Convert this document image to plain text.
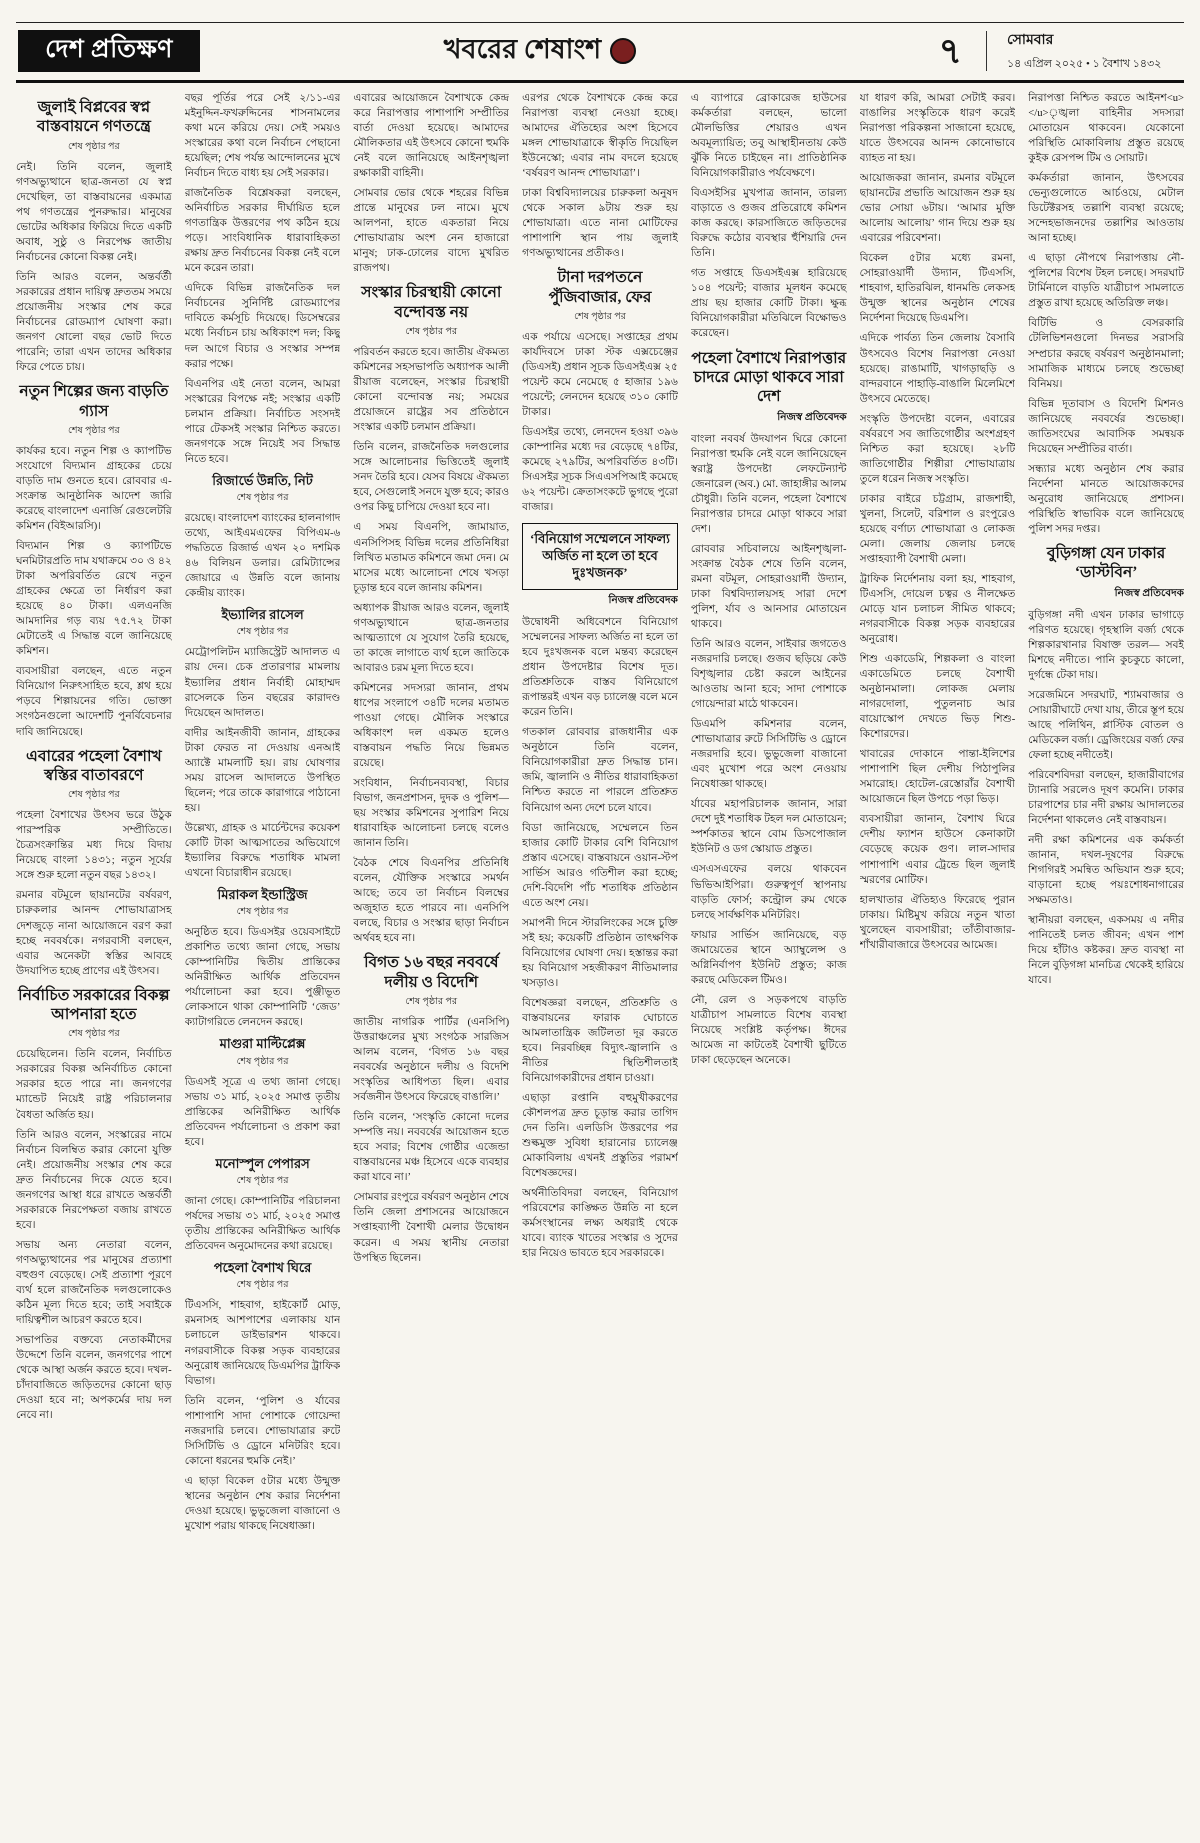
দেশ প্রতিক্ষণ	খবরের শেষাংশ	৭	সোমবার
১৪ এপ্রিল ২০২৫ • ১ বৈশাখ ১৪৩২
জুলাই বিপ্লবের স্বপ্ন বাস্তবায়নে গণতন্ত্রে
শেষ পৃষ্ঠার পর

নেই। তিনি বলেন, জুলাই গণঅভ্যুত্থানে ছাত্র-জনতা যে স্বপ্ন দেখেছিল, তা বাস্তবায়নের একমাত্র পথ গণতন্ত্রের পুনরুদ্ধার। মানুষের ভোটের অধিকার ফিরিয়ে দিতে একটি অবাধ, সুষ্ঠু ও নিরপেক্ষ জাতীয় নির্বাচনের কোনো বিকল্প নেই।

তিনি আরও বলেন, অন্তর্বর্তী সরকারের প্রধান দায়িত্ব দ্রুততম সময়ে প্রয়োজনীয় সংস্কার শেষ করে নির্বাচনের রোডম্যাপ ঘোষণা করা। জনগণ ষোলো বছর ভোট দিতে পারেনি; তারা এখন তাদের অধিকার ফিরে পেতে চায়।

নতুন শিল্পের জন্য বাড়তি গ্যাস
শেষ পৃষ্ঠার পর

কার্যকর হবে। নতুন শিল্প ও ক্যাপটিভ সংযোগে বিদ্যমান গ্রাহকের চেয়ে বাড়তি দাম গুনতে হবে। রোববার এ-সংক্রান্ত আনুষ্ঠানিক আদেশ জারি করেছে বাংলাদেশ এনার্জি রেগুলেটরি কমিশন (বিইআরসি)।

বিদ্যমান শিল্প ও ক্যাপটিভে ঘনমিটারপ্রতি দাম যথাক্রমে ৩০ ও ৪২ টাকা অপরিবর্তিত রেখে নতুন গ্রাহকের ক্ষেত্রে তা নির্ধারণ করা হয়েছে ৪০ টাকা। এলএনজি আমদানির গড় ব্যয় ৭৫.৭২ টাকা মেটাতেই এ সিদ্ধান্ত বলে জানিয়েছে কমিশন।

ব্যবসায়ীরা বলছেন, এতে নতুন বিনিয়োগ নিরুৎসাহিত হবে, শ্লথ হয়ে পড়বে শিল্পায়নের গতি। ভোক্তা সংগঠনগুলো আদেশটি পুনর্বিবেচনার দাবি জানিয়েছে।

এবারের পহেলা বৈশাখ স্বস্তির বাতাবরণে
শেষ পৃষ্ঠার পর

পহেলা বৈশাখের উৎসব ভরে উঠুক পারস্পরিক সম্প্রীতিতে। চৈত্রসংক্রান্তির মধ্য দিয়ে বিদায় নিয়েছে বাংলা ১৪৩১; নতুন সূর্যের সঙ্গে শুরু হলো নতুন বছর ১৪৩২।

রমনার বটমূলে ছায়ানটের বর্ষবরণ, চারুকলার আনন্দ শোভাযাত্রাসহ দেশজুড়ে নানা আয়োজনে বরণ করা হচ্ছে নববর্ষকে। নগরবাসী বলছেন, এবার অনেকটা স্বস্তির আবহে উদযাপিত হচ্ছে প্রাণের এই উৎসব।

নির্বাচিত সরকারের বিকল্প আপনারা হতে
শেষ পৃষ্ঠার পর

চেয়েছিলেন। তিনি বলেন, নির্বাচিত সরকারের বিকল্প অনির্বাচিত কোনো সরকার হতে পারে না। জনগণের ম্যান্ডেট নিয়েই রাষ্ট্র পরিচালনার বৈধতা অর্জিত হয়।

তিনি আরও বলেন, সংস্কারের নামে নির্বাচন বিলম্বিত করার কোনো যুক্তি নেই। প্রয়োজনীয় সংস্কার শেষ করে দ্রুত নির্বাচনের দিকে যেতে হবে। জনগণের আস্থা ধরে রাখতে অন্তর্বর্তী সরকারকে নিরপেক্ষতা বজায় রাখতে হবে।

সভায় অন্য নেতারা বলেন, গণঅভ্যুত্থানের পর মানুষের প্রত্যাশা বহুগুণ বেড়েছে। সেই প্রত্যাশা পূরণে ব্যর্থ হলে রাজনৈতিক দলগুলোকেও কঠিন মূল্য দিতে হবে; তাই সবাইকে দায়িত্বশীল আচরণ করতে হবে।

সভাপতির বক্তব্যে নেতাকর্মীদের উদ্দেশে তিনি বলেন, জনগণের পাশে থেকে আস্থা অর্জন করতে হবে। দখল-চাঁদাবাজিতে জড়িতদের কোনো ছাড় দেওয়া হবে না; অপকর্মের দায় দল নেবে না।

বছর পূর্তির পরে সেই ২/১১-এর মইনুদ্দিন-ফখরুদ্দিনের শাসনামলের কথা মনে করিয়ে দেয়। সেই সময়ও সংস্কারের কথা বলে নির্বাচন পেছানো হয়েছিল; শেষ পর্যন্ত আন্দোলনের মুখে নির্বাচন দিতে বাধ্য হয় সেই সরকার।

রাজনৈতিক বিশ্লেষকরা বলছেন, অনির্বাচিত সরকার দীর্ঘায়িত হলে গণতান্ত্রিক উত্তরণের পথ কঠিন হয়ে পড়ে। সাংবিধানিক ধারাবাহিকতা রক্ষায় দ্রুত নির্বাচনের বিকল্প নেই বলে মনে করেন তারা।

এদিকে বিভিন্ন রাজনৈতিক দল নির্বাচনের সুনির্দিষ্ট রোডম্যাপের দাবিতে কর্মসূচি দিয়েছে। ডিসেম্বরের মধ্যে নির্বাচন চায় অধিকাংশ দল; কিছু দল আগে বিচার ও সংস্কার সম্পন্ন করার পক্ষে।

বিএনপির এই নেতা বলেন, আমরা সংস্কারের বিপক্ষে নই; সংস্কার একটি চলমান প্রক্রিয়া। নির্বাচিত সংসদই পারে টেকসই সংস্কার নিশ্চিত করতে। জনগণকে সঙ্গে নিয়েই সব সিদ্ধান্ত নিতে হবে।

রিজার্ভে উন্নতি, নিট
শেষ পৃষ্ঠার পর

রয়েছে। বাংলাদেশ ব্যাংকের হালনাগাদ তথ্যে, আইএমএফের বিপিএম-৬ পদ্ধতিতে রিজার্ভ এখন ২০ দশমিক ৪৬ বিলিয়ন ডলার। রেমিট্যান্সের জোয়ারে এ উন্নতি বলে জানায় কেন্দ্রীয় ব্যাংক।

ইভ্যালির রাসেল
শেষ পৃষ্ঠার পর

মেট্রোপলিটন ম্যাজিস্ট্রেট আদালত এ রায় দেন। চেক প্রতারণার মামলায় ইভ্যালির প্রধান নির্বাহী মোহাম্মদ রাসেলকে তিন বছরের কারাদণ্ড দিয়েছেন আদালত।

বাদীর আইনজীবী জানান, গ্রাহকের টাকা ফেরত না দেওয়ায় এনআই অ্যাক্টে মামলাটি হয়। রায় ঘোষণার সময় রাসেল আদালতে উপস্থিত ছিলেন; পরে তাকে কারাগারে পাঠানো হয়।

উল্লেখ্য, গ্রাহক ও মার্চেন্টদের কয়েকশ কোটি টাকা আত্মসাতের অভিযোগে ইভ্যালির বিরুদ্ধে শতাধিক মামলা এখনো বিচারাধীন রয়েছে।

মিরাকল ইন্ডাস্ট্রিজ
শেষ পৃষ্ঠার পর

অনুষ্ঠিত হবে। ডিএসইর ওয়েবসাইটে প্রকাশিত তথ্যে জানা গেছে, সভায় কোম্পানিটির দ্বিতীয় প্রান্তিকের অনিরীক্ষিত আর্থিক প্রতিবেদন পর্যালোচনা করা হবে। পুঞ্জীভূত লোকসানে থাকা কোম্পানিটি ‘জেড’ ক্যাটাগরিতে লেনদেন করছে।

মাগুরা মাল্টিপ্লেক্স
শেষ পৃষ্ঠার পর

ডিএসই সূত্রে এ তথ্য জানা গেছে। সভায় ৩১ মার্চ, ২০২৫ সমাপ্ত তৃতীয় প্রান্তিকের অনিরীক্ষিত আর্থিক প্রতিবেদন পর্যালোচনা ও প্রকাশ করা হবে।

মনোস্পুল পেপারস
শেষ পৃষ্ঠার পর

জানা গেছে। কোম্পানিটির পরিচালনা পর্ষদের সভায় ৩১ মার্চ, ২০২৫ সমাপ্ত তৃতীয় প্রান্তিকের অনিরীক্ষিত আর্থিক প্রতিবেদন অনুমোদনের কথা রয়েছে।

পহেলা বৈশাখ ঘিরে
শেষ পৃষ্ঠার পর

টিএসসি, শাহবাগ, হাইকোর্ট মোড়, রমনাসহ আশপাশের এলাকায় যান চলাচলে ডাইভারশন থাকবে। নগরবাসীকে বিকল্প সড়ক ব্যবহারের অনুরোধ জানিয়েছে ডিএমপির ট্রাফিক বিভাগ।

তিনি বলেন, ‘পুলিশ ও র্যাবের পাশাপাশি সাদা পোশাকে গোয়েন্দা নজরদারি চলবে। শোভাযাত্রার রুটে সিসিটিভি ও ড্রোনে মনিটরিং হবে। কোনো ধরনের হুমকি নেই।’

এ ছাড়া বিকেল ৫টার মধ্যে উন্মুক্ত স্থানের অনুষ্ঠান শেষ করার নির্দেশনা দেওয়া হয়েছে। ভুভুজেলা বাজানো ও মুখোশ পরায় থাকছে নিষেধাজ্ঞা।

এবারের আয়োজনে বৈশাখকে কেন্দ্র করে নিরাপত্তার পাশাপাশি সম্প্রীতির বার্তা দেওয়া হয়েছে। আমাদের মৌলিকতার এই উৎসবে কোনো হুমকি নেই বলে জানিয়েছে আইনশৃঙ্খলা রক্ষাকারী বাহিনী।

সোমবার ভোর থেকে শহরের বিভিন্ন প্রান্তে মানুষের ঢল নামে। মুখে আলপনা, হাতে একতারা নিয়ে শোভাযাত্রায় অংশ নেন হাজারো মানুষ; ঢাক-ঢোলের বাদ্যে মুখরিত রাজপথ।

সংস্কার চিরস্থায়ী কোনো বন্দোবস্ত নয়
শেষ পৃষ্ঠার পর

পরিবর্তন করতে হবে। জাতীয় ঐকমত্য কমিশনের সহসভাপতি অধ্যাপক আলী রীয়াজ বলেছেন, সংস্কার চিরস্থায়ী কোনো বন্দোবস্ত নয়; সময়ের প্রয়োজনে রাষ্ট্রের সব প্রতিষ্ঠানে সংস্কার একটি চলমান প্রক্রিয়া।

তিনি বলেন, রাজনৈতিক দলগুলোর সঙ্গে আলোচনার ভিত্তিতেই জুলাই সনদ তৈরি হবে। যেসব বিষয়ে ঐকমত্য হবে, সেগুলোই সনদে যুক্ত হবে; কারও ওপর কিছু চাপিয়ে দেওয়া হবে না।

এ সময় বিএনপি, জামায়াত, এনসিপিসহ বিভিন্ন দলের প্রতিনিধিরা লিখিত মতামত কমিশনে জমা দেন। মে মাসের মধ্যে আলোচনা শেষে খসড়া চূড়ান্ত হবে বলে জানায় কমিশন।

অধ্যাপক রীয়াজ আরও বলেন, জুলাই গণঅভ্যুত্থানে ছাত্র-জনতার আত্মত্যাগে যে সুযোগ তৈরি হয়েছে, তা কাজে লাগাতে ব্যর্থ হলে জাতিকে আবারও চরম মূল্য দিতে হবে।

কমিশনের সদস্যরা জানান, প্রথম ধাপের সংলাপে ৩৪টি দলের মতামত পাওয়া গেছে। মৌলিক সংস্কারে অধিকাংশ দল একমত হলেও বাস্তবায়ন পদ্ধতি নিয়ে ভিন্নমত রয়েছে।

সংবিধান, নির্বাচনব্যবস্থা, বিচার বিভাগ, জনপ্রশাসন, দুদক ও পুলিশ— ছয় সংস্কার কমিশনের সুপারিশ নিয়ে ধারাবাহিক আলোচনা চলছে বলেও জানান তিনি।

বৈঠক শেষে বিএনপির প্রতিনিধি বলেন, যৌক্তিক সংস্কারে সমর্থন আছে; তবে তা নির্বাচন বিলম্বের অজুহাত হতে পারবে না। এনসিপি বলছে, বিচার ও সংস্কার ছাড়া নির্বাচন অর্থবহ হবে না।

বিগত ১৬ বছর নববর্ষে দলীয় ও বিদেশি
শেষ পৃষ্ঠার পর

জাতীয় নাগরিক পার্টির (এনসিপি) উত্তরাঞ্চলের মুখ্য সংগঠক সারজিস আলম বলেন, ‘বিগত ১৬ বছর নববর্ষের অনুষ্ঠানে দলীয় ও বিদেশি সংস্কৃতির আধিপত্য ছিল। এবার সর্বজনীন উৎসবে ফিরেছে বাঙালি।’

তিনি বলেন, ‘সংস্কৃতি কোনো দলের সম্পত্তি নয়। নববর্ষের আয়োজন হতে হবে সবার; বিশেষ গোষ্ঠীর এজেন্ডা বাস্তবায়নের মঞ্চ হিসেবে একে ব্যবহার করা যাবে না।’

সোমবার রংপুরে বর্ষবরণ অনুষ্ঠান শেষে তিনি জেলা প্রশাসনের আয়োজনে সপ্তাহব্যাপী বৈশাখী মেলার উদ্বোধন করেন। এ সময় স্থানীয় নেতারা উপস্থিত ছিলেন।

এরপর থেকে বৈশাখকে কেন্দ্র করে নিরাপত্তা ব্যবস্থা নেওয়া হচ্ছে। আমাদের ঐতিহ্যের অংশ হিসেবে মঙ্গল শোভাযাত্রাকে স্বীকৃতি দিয়েছিল ইউনেস্কো; এবার নাম বদলে হয়েছে ‘বর্ষবরণ আনন্দ শোভাযাত্রা’।

ঢাকা বিশ্ববিদ্যালয়ের চারুকলা অনুষদ থেকে সকাল ৯টায় শুরু হয় শোভাযাত্রা। এতে নানা মোটিফের পাশাপাশি স্থান পায় জুলাই গণঅভ্যুত্থানের প্রতীকও।

টানা দরপতনে পুঁজিবাজার, ফের
শেষ পৃষ্ঠার পর

এক পর্যায়ে এসেছে। সপ্তাহের প্রথম কার্যদিবসে ঢাকা স্টক এক্সচেঞ্জের (ডিএসই) প্রধান সূচক ডিএসইএক্স ২৫ পয়েন্ট কমে নেমেছে ৫ হাজার ১৯৬ পয়েন্টে; লেনদেন হয়েছে ৩১০ কোটি টাকার।

ডিএসইর তথ্যে, লেনদেন হওয়া ৩৯৬ কোম্পানির মধ্যে দর বেড়েছে ৭৪টির, কমেছে ২৭৯টির, অপরিবর্তিত ৪৩টি। সিএসইর সূচক সিএএসপিআই কমেছে ৬২ পয়েন্ট। ক্রেতাসংকটে ভুগছে পুরো বাজার।

‘বিনিয়োগ সম্মেলনে সাফল্য অর্জিত না হলে তা হবে দুঃখজনক’
নিজস্ব প্রতিবেদক

উদ্বোধনী অধিবেশনে বিনিয়োগ সম্মেলনের সাফল্য অর্জিত না হলে তা হবে দুঃখজনক বলে মন্তব্য করেছেন প্রধান উপদেষ্টার বিশেষ দূত। প্রতিশ্রুতিকে বাস্তব বিনিয়োগে রূপান্তরই এখন বড় চ্যালেঞ্জ বলে মনে করেন তিনি।

গতকাল রোববার রাজধানীর এক অনুষ্ঠানে তিনি বলেন, বিনিয়োগকারীরা দ্রুত সিদ্ধান্ত চান। জমি, জ্বালানি ও নীতির ধারাবাহিকতা নিশ্চিত করতে না পারলে প্রতিশ্রুত বিনিয়োগ অন্য দেশে চলে যাবে।

বিডা জানিয়েছে, সম্মেলনে তিন হাজার কোটি টাকার বেশি বিনিয়োগ প্রস্তাব এসেছে। বাস্তবায়নে ওয়ান-স্টপ সার্ভিস আরও গতিশীল করা হচ্ছে; দেশি-বিদেশি পাঁচ শতাধিক প্রতিষ্ঠান এতে অংশ নেয়।

সমাপনী দিনে স্টারলিংকের সঙ্গে চুক্তি সই হয়; কয়েকটি প্রতিষ্ঠান তাৎক্ষণিক বিনিয়োগের ঘোষণা দেয়। হস্তান্তর করা হয় বিনিয়োগ সহজীকরণ নীতিমালার খসড়াও।

বিশেষজ্ঞরা বলছেন, প্রতিশ্রুতি ও বাস্তবায়নের ফারাক ঘোচাতে আমলাতান্ত্রিক জটিলতা দূর করতে হবে। নিরবচ্ছিন্ন বিদ্যুৎ-জ্বালানি ও নীতির স্থিতিশীলতাই বিনিয়োগকারীদের প্রধান চাওয়া।

এছাড়া রপ্তানি বহুমুখীকরণের কৌশলপত্র দ্রুত চূড়ান্ত করার তাগিদ দেন তিনি। এলডিসি উত্তরণের পর শুল্কমুক্ত সুবিধা হারানোর চ্যালেঞ্জ মোকাবিলায় এখনই প্রস্তুতির পরামর্শ বিশেষজ্ঞদের।

অর্থনীতিবিদরা বলছেন, বিনিয়োগ পরিবেশের কাঙ্ক্ষিত উন্নতি না হলে কর্মসংস্থানের লক্ষ্য অধরাই থেকে যাবে। ব্যাংক খাতের সংস্কার ও সুদের হার নিয়েও ভাবতে হবে সরকারকে।

এ ব্যাপারে ব্রোকারেজ হাউসের কর্মকর্তারা বলছেন, ভালো মৌলভিত্তির শেয়ারও এখন অবমূল্যায়িত; তবু আস্থাহীনতায় কেউ ঝুঁকি নিতে চাইছেন না। প্রাতিষ্ঠানিক বিনিয়োগকারীরাও পর্যবেক্ষণে।

বিএসইসির মুখপাত্র জানান, তারল্য বাড়াতে ও গুজব প্রতিরোধে কমিশন কাজ করছে। কারসাজিতে জড়িতদের বিরুদ্ধে কঠোর ব্যবস্থার হুঁশিয়ারি দেন তিনি।

গত সপ্তাহে ডিএসইএক্স হারিয়েছে ১০৪ পয়েন্ট; বাজার মূলধন কমেছে প্রায় ছয় হাজার কোটি টাকা। ক্ষুব্ধ বিনিয়োগকারীরা মতিঝিলে বিক্ষোভও করেছেন।

পহেলা বৈশাখে নিরাপত্তার চাদরে মোড়া থাকবে সারা দেশ
নিজস্ব প্রতিবেদক

বাংলা নববর্ষ উদযাপন ঘিরে কোনো নিরাপত্তা হুমকি নেই বলে জানিয়েছেন স্বরাষ্ট্র উপদেষ্টা লেফটেন্যান্ট জেনারেল (অব.) মো. জাহাঙ্গীর আলম চৌধুরী। তিনি বলেন, পহেলা বৈশাখে নিরাপত্তার চাদরে মোড়া থাকবে সারা দেশ।

রোববার সচিবালয়ে আইনশৃঙ্খলা-সংক্রান্ত বৈঠক শেষে তিনি বলেন, রমনা বটমূল, সোহরাওয়ার্দী উদ্যান, ঢাকা বিশ্ববিদ্যালয়সহ সারা দেশে পুলিশ, র্যাব ও আনসার মোতায়েন থাকবে।

তিনি আরও বলেন, সাইবার জগতেও নজরদারি চলছে। গুজব ছড়িয়ে কেউ বিশৃঙ্খলার চেষ্টা করলে আইনের আওতায় আনা হবে; সাদা পোশাকে গোয়েন্দারা মাঠে থাকবেন।

ডিএমপি কমিশনার বলেন, শোভাযাত্রার রুটে সিসিটিভি ও ড্রোনে নজরদারি হবে। ভুভুজেলা বাজানো এবং মুখোশ পরে অংশ নেওয়ায় নিষেধাজ্ঞা থাকছে।

র্যাবের মহাপরিচালক জানান, সারা দেশে দুই শতাধিক টহল দল মোতায়েন; স্পর্শকাতর স্থানে বোম ডিসপোজাল ইউনিট ও ডগ স্কোয়াড প্রস্তুত।

এসএসএফের বলয়ে থাকবেন ভিভিআইপিরা। গুরুত্বপূর্ণ স্থাপনায় বাড়তি ফোর্স; কন্ট্রোল রুম থেকে চলছে সার্বক্ষণিক মনিটরিং।

ফায়ার সার্ভিস জানিয়েছে, বড় জমায়েতের স্থানে অ্যাম্বুলেন্স ও অগ্নিনির্বাপণ ইউনিট প্রস্তুত; কাজ করছে মেডিকেল টিমও।

নৌ, রেল ও সড়কপথে বাড়তি যাত্রীচাপ সামলাতে বিশেষ ব্যবস্থা নিয়েছে সংশ্লিষ্ট কর্তৃপক্ষ। ঈদের আমেজ না কাটতেই বৈশাখী ছুটিতে ঢাকা ছেড়েছেন অনেকে।

যা ধারণ করি, আমরা সেটাই করব। বাঙালির সংস্কৃতিকে ধারণ করেই নিরাপত্তা পরিকল্পনা সাজানো হয়েছে, যাতে উৎসবের আনন্দ কোনোভাবে ব্যাহত না হয়।

আয়োজকরা জানান, রমনার বটমূলে ছায়ানটের প্রভাতি আয়োজন শুরু হয় ভোর সোয়া ৬টায়। ‘আমার মুক্তি আলোয় আলোয়’ গান দিয়ে শুরু হয় এবারের পরিবেশনা।

বিকেল ৫টার মধ্যে রমনা, সোহরাওয়ার্দী উদ্যান, টিএসসি, শাহবাগ, হাতিরঝিল, ধানমন্ডি লেকসহ উন্মুক্ত স্থানের অনুষ্ঠান শেষের নির্দেশনা দিয়েছে ডিএমপি।

এদিকে পার্বত্য তিন জেলায় বৈসাবি উৎসবেও বিশেষ নিরাপত্তা নেওয়া হয়েছে। রাঙামাটি, খাগড়াছড়ি ও বান্দরবানে পাহাড়ি-বাঙালি মিলেমিশে উৎসবে মেতেছে।

সংস্কৃতি উপদেষ্টা বলেন, এবারের বর্ষবরণে সব জাতিগোষ্ঠীর অংশগ্রহণ নিশ্চিত করা হয়েছে। ২৮টি জাতিগোষ্ঠীর শিল্পীরা শোভাযাত্রায় তুলে ধরেন নিজস্ব সংস্কৃতি।

ঢাকার বাইরে চট্টগ্রাম, রাজশাহী, খুলনা, সিলেট, বরিশাল ও রংপুরেও হয়েছে বর্ণাঢ্য শোভাযাত্রা ও লোকজ মেলা। জেলায় জেলায় চলছে সপ্তাহব্যাপী বৈশাখী মেলা।

ট্রাফিক নির্দেশনায় বলা হয়, শাহবাগ, টিএসসি, দোয়েল চত্বর ও নীলক্ষেত মোড়ে যান চলাচল সীমিত থাকবে; নগরবাসীকে বিকল্প সড়ক ব্যবহারের অনুরোধ।

শিশু একাডেমি, শিল্পকলা ও বাংলা একাডেমিতে চলছে বৈশাখী অনুষ্ঠানমালা। লোকজ মেলায় নাগরদোলা, পুতুলনাচ আর বায়োস্কোপ দেখতে ভিড় শিশু-কিশোরদের।

খাবারের দোকানে পান্তা-ইলিশের পাশাপাশি ছিল দেশীয় পিঠাপুলির সমারোহ। হোটেল-রেস্তোরাঁর বৈশাখী আয়োজনে ছিল উপচে পড়া ভিড়।

ব্যবসায়ীরা জানান, বৈশাখ ঘিরে দেশীয় ফ্যাশন হাউসে কেনাকাটা বেড়েছে কয়েক গুণ। লাল-সাদার পাশাপাশি এবার ট্রেন্ডে ছিল জুলাই স্মরণের মোটিফ।

হালখাতার ঐতিহ্যও ফিরেছে পুরান ঢাকায়। মিষ্টিমুখ করিয়ে নতুন খাতা খুলেছেন ব্যবসায়ীরা; তাঁতীবাজার-শাঁখারীবাজারে উৎসবের আমেজ।

নিরাপত্তা নিশ্চিত করতে আইনশ<u></u>ৃঙ্খলা বাহিনীর সদস্যরা মোতায়েন থাকবেন। যেকোনো পরিস্থিতি মোকাবিলায় প্রস্তুত রয়েছে কুইক রেসপন্স টিম ও সোয়াট।

কর্মকর্তারা জানান, উৎসবের ভেন্যুগুলোতে আর্চওয়ে, মেটাল ডিটেক্টরসহ তল্লাশি ব্যবস্থা রয়েছে; সন্দেহভাজনদের তল্লাশির আওতায় আনা হচ্ছে।

এ ছাড়া নৌপথে নিরাপত্তায় নৌ-পুলিশের বিশেষ টহল চলছে। সদরঘাট টার্মিনালে বাড়তি যাত্রীচাপ সামলাতে প্রস্তুত রাখা হয়েছে অতিরিক্ত লঞ্চ।

বিটিভি ও বেসরকারি টেলিভিশনগুলো দিনভর সরাসরি সম্প্রচার করছে বর্ষবরণ অনুষ্ঠানমালা; সামাজিক মাধ্যমে চলছে শুভেচ্ছা বিনিময়।

বিভিন্ন দূতাবাস ও বিদেশি মিশনও জানিয়েছে নববর্ষের শুভেচ্ছা। জাতিসংঘের আবাসিক সমন্বয়ক দিয়েছেন সম্প্রীতির বার্তা।

সন্ধ্যার মধ্যে অনুষ্ঠান শেষ করার নির্দেশনা মানতে আয়োজকদের অনুরোধ জানিয়েছে প্রশাসন। পরিস্থিতি স্বাভাবিক বলে জানিয়েছে পুলিশ সদর দপ্তর।

বুড়িগঙ্গা যেন ঢাকার ‘ডাস্টবিন’
নিজস্ব প্রতিবেদক

বুড়িগঙ্গা নদী এখন ঢাকার ভাগাড়ে পরিণত হয়েছে। গৃহস্থালি বর্জ্য থেকে শিল্পকারখানার বিষাক্ত তরল— সবই মিশছে নদীতে। পানি কুচকুচে কালো, দুর্গন্ধে টেকা দায়।

সরেজমিনে সদরঘাট, শ্যামবাজার ও সোয়ারীঘাটে দেখা যায়, তীরে স্তূপ হয়ে আছে পলিথিন, প্লাস্টিক বোতল ও মেডিকেল বর্জ্য। ড্রেজিংয়ের বর্জ্য ফের ফেলা হচ্ছে নদীতেই।

পরিবেশবিদরা বলছেন, হাজারীবাগের ট্যানারি সরলেও দূষণ কমেনি। ঢাকার চারপাশের চার নদী রক্ষায় আদালতের নির্দেশনা থাকলেও নেই বাস্তবায়ন।

নদী রক্ষা কমিশনের এক কর্মকর্তা জানান, দখল-দূষণের বিরুদ্ধে শিগগিরই সমন্বিত অভিযান শুরু হবে; বাড়ানো হচ্ছে পয়ঃশোধনাগারের সক্ষমতাও।

স্থানীয়রা বলছেন, একসময় এ নদীর পানিতেই চলত জীবন; এখন পাশ দিয়ে হাঁটাও কষ্টকর। দ্রুত ব্যবস্থা না নিলে বুড়িগঙ্গা মানচিত্র থেকেই হারিয়ে যাবে।
